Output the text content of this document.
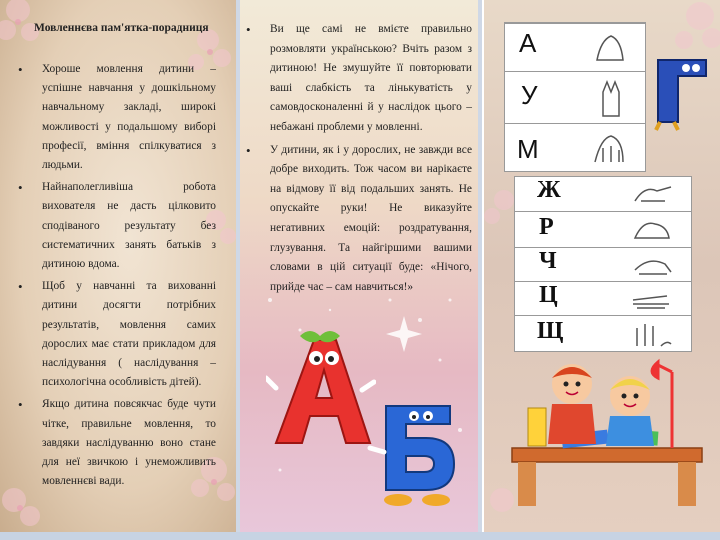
Мовленнєва пам'ятка-порадниця
• Хороше мовлення дитини – успішне навчання у дошкільному навчальному закладі, широкі можливості у подальшому виборі професії, вміння спілкуватися з людьми.
• Найнаполегливіша робота вихователя не дасть цілковито сподіваного результату без систематичних занять батьків з дитиною вдома.
• Щоб у навчанні та вихованні дитини досягти потрібних результатів, мовлення самих дорослих має стати прикладом для наслідування ( наслідування – психологічна особливість дітей).
• Якщо дитина повсякчас буде чути чітке, правильне мовлення, то завдяки наслідуванню воно стане для неї звичкою і унеможливить мовленнєві вади.
• Ви ще самі не вмієте правильно розмовляти українською? Вчіть разом з дитиною! Не змушуйте її повторювати ваші слабкість та лінькуватість у самовдосконаленні й у наслідок цього – небажані проблеми у мовленні.
• У дитини, як і у дорослих, не завжди все добре виходить. Тож часом ви нарікаєте на відмову її від подальших занять. Не опускайте руки! Не виказуйте негативних емоцій: роздратування, глузування. Та найгіршими вашими словами в цій ситуації буде: «Нічого, прийде час – сам навчиться!»
А
У
М
Ж
Р
Ч
Ц
Щ
